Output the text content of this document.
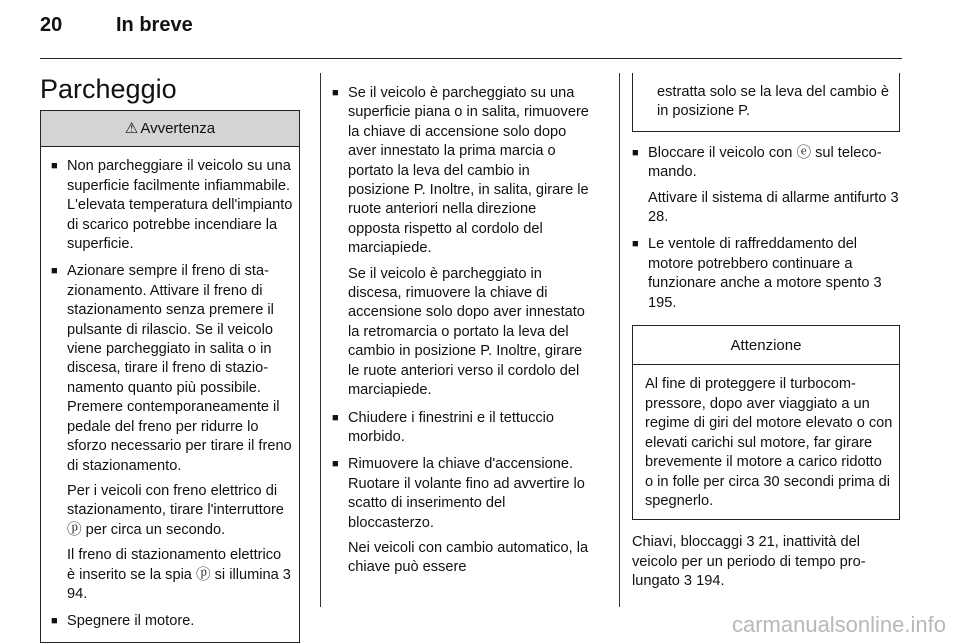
20	In breve
Parcheggio
⚠ Avvertenza

■ Non parcheggiare il veicolo su una superficie facilmente infiammabile. L'elevata temperatura dell'impianto di scarico potrebbe incendiare la superficie.

■ Azionare sempre il freno di stazionamento. Attivare il freno di stazionamento senza premere il pulsante di rilascio. Se il veicolo viene parcheggiato in salita o in discesa, tirare il freno di stazionamento quanto più possibile. Premere contemporaneamente il pedale del freno per ridurre lo sforzo necessario per tirare il freno di stazionamento.

Per i veicoli con freno elettrico di stazionamento, tirare l'interruttore ⓟ per circa un secondo.

Il freno di stazionamento elettrico è inserito se la spia ⓟ si illumina 3 94.

■ Spegnere il motore.

■ Se il veicolo è parcheggiato su una superficie piana o in salita, rimuovere la chiave di accensione solo dopo aver innestato la prima marcia o portato la leva del cambio in posizione P. Inoltre, in salita, girare le ruote anteriori nella direzione opposta rispetto al cordolo del marciapiede.

Se il veicolo è parcheggiato in discesa, rimuovere la chiave di accensione solo dopo aver innestato la retromarcia o portato la leva del cambio in posizione P. Inoltre, girare le ruote anteriori verso il cordolo del marciapiede.

■ Chiudere i finestrini e il tettuccio morbido.

■ Rimuovere la chiave d'accensione. Ruotare il volante fino ad avvertire lo scatto di inserimento del bloccasterzo.

Nei veicoli con cambio automatico, la chiave può essere

estratta solo se la leva del cambio è in posizione P.

■ Bloccare il veicolo con ⓔ sul telecomando.

Attivare il sistema di allarme antifurto 3 28.

■ Le ventole di raffreddamento del motore potrebbero continuare a funzionare anche a motore spento 3 195.

Attenzione

Al fine di proteggere il turbocompressore, dopo aver viaggiato a un regime di giri del motore elevato o con elevati carichi sul motore, far girare brevemente il motore a carico ridotto o in folle per circa 30 secondi prima di spegnerlo.

Chiavi, bloccaggi 3 21, inattività del veicolo per un periodo di tempo prolungato 3 194.

carmanualsonline.info
